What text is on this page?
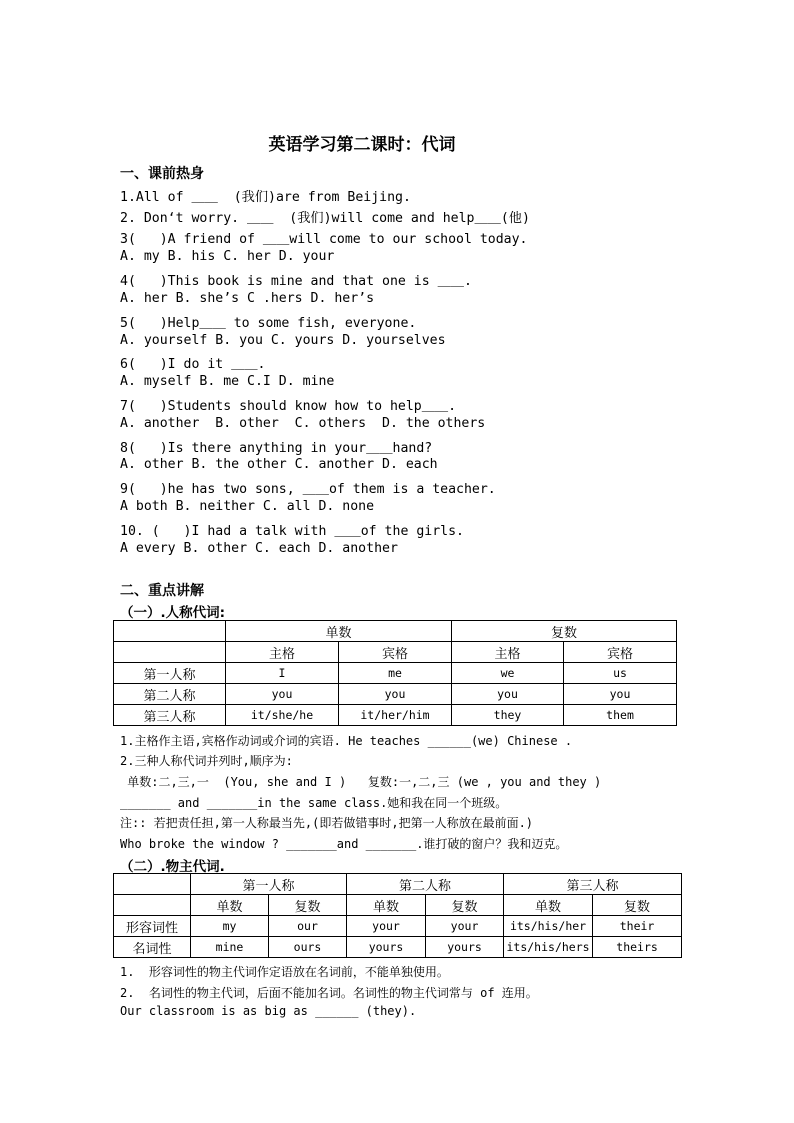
英语学习第二课时：代词
一、课前热身
1.All of ＿＿  (我们)are from Beijing.
2. Don‘t worry. ＿＿  (我们)will come and help＿＿(他)
3(   )A friend of ＿＿will come to our school today.
A. my B. his C. her D. your
4(   )This book is mine and that one is ＿＿.
A. her B. she’s C .hers D. her’s
5(   )Help＿＿ to some fish, everyone.
A. yourself B. you C. yours D. yourselves
6(   )I do it ＿＿.
A. myself B. me C.I D. mine
7(   )Students should know how to help＿＿.
A. another  B. other  C. others  D. the others
8(   )Is there anything in your＿＿hand?
A. other B. the other C. another D. each
9(   )he has two sons, ＿＿of them is a teacher.
A both B. neither C. all D. none
10. (   )I had a talk with ＿＿of the girls.
A every B. other C. each D. another
二、重点讲解
（一）.人称代词:
	单数		复数	
	主格	宾格	主格	宾格
第一人称	I	me	we	us
第二人称	you	you	you	you
第三人称	it/she/he	it/her/him	they	them
1.主格作主语,宾格作动词或介词的宾语. He teaches ______(we) Chinese .
2.三种人称代词并列时,顺序为:
单数:二,三,一  (You, she and I )   复数:一,二,三 (we , you and they )
_______ and _______in the same class.她和我在同一个班级。
注:: 若把责任担,第一人称最当先,(即若做错事时,把第一人称放在最前面.)
Who broke the window ? _______and _______.谁打破的窗户？我和迈克。
（二）.物主代词.
	第一人称		第二人称		第三人称	
	单数	复数	单数	复数	单数	复数
形容词性	my	our	your	your	its/his/her	their
名词性	mine	ours	yours	yours	its/his/hers	theirs
1.  形容词性的物主代词作定语放在名词前，不能单独使用。
2.  名词性的物主代词，后面不能加名词。名词性的物主代词常与 of 连用。
Our classroom is as big as ______ (they).
